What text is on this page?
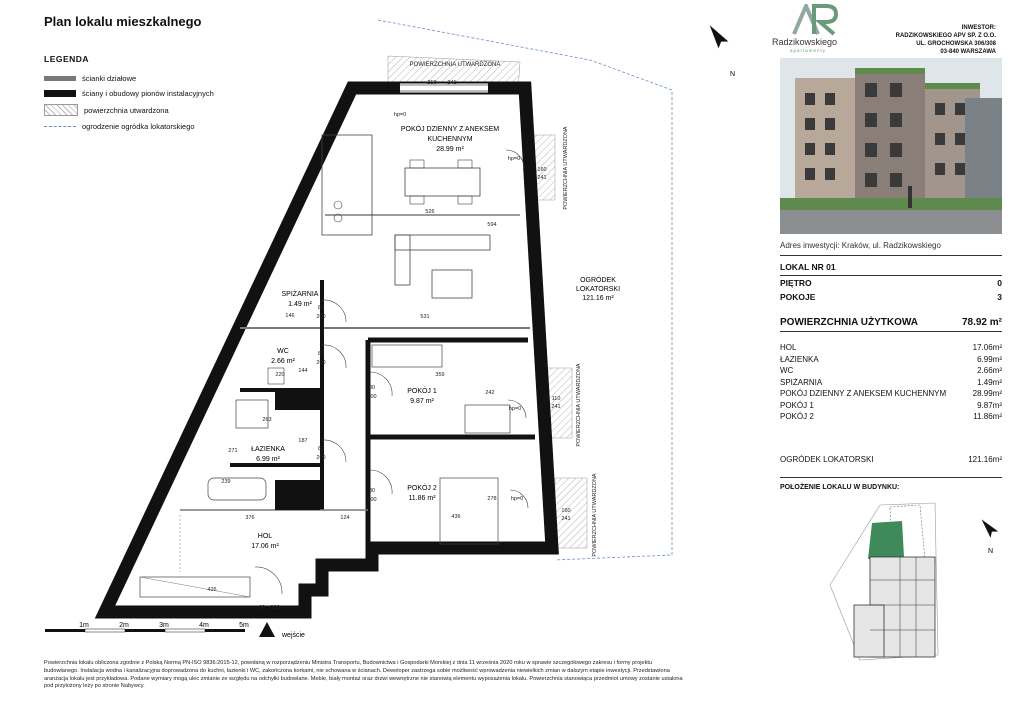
Plan lokalu mieszkalnego
LEGENDA
ścianki działowe
ściany i obudowy pionów instalacyjnych
powierzchnia utwardzona
ogrodzenie ogródka lokatorskiego
wejście
N
1m	2m	3m	4m	5m
POKÓJ DZIENNY Z ANEKSEM
KUCHENNYM
28.99 m²
SPIŻARNIA
1.49 m²
WC
2.66 m²
ŁAZIENKA
6.99 m²
HOL
17.06 m²
POKÓJ 1
9.87 m²
POKÓJ 2
11.86 m²
OGRÓDEK
LOKATORSKI
121.16 m²
POWIERZCHNIA UTWARDZONA
POWIERZCHNIA UTWARDZONA
POWIERZCHNIA UTWARDZONA
POWIERZCHNIA UTWARDZONA
526
531
359
242
263
376	124	436
278
220
146
271
239
426
80
200
80
200
80
200
80
200
80
200
90 200
160
241
160
241
110
241
250 241
594
144
187
hp=0
hp=0
hp=0
hp=0
Powierzchnia lokalu obliczona zgodnie z Polską Normą PN-ISO 9836:2015-12, powołaną w rozporządzeniu Ministra Transportu, Budownictwa i Gospodarki Morskiej z dnia 11 września 2020 roku w sprawie szczegółowego zakresu i formy projektu budowlanego. Instalacja wodna i kanalizacyjna doprowadzona do kuchni, łazienki i WC, zakończona korkami, nie schowana w ścianach. Deweloper zastrzega sobie możliwość wprowadzenia niewielkich zmian w dalszym etapie inwestycji. Przedstawiona aranżacja lokalu jest przykładowa. Podane wymiary mogą ulec zmianie ze względu na odchyłki budowlane. Meble, biały montaż oraz drzwi wewnętrzne nie stanowią elementu wyposażenia lokalu. Powierzchnia stanowiąca przedmiot umowy zostanie ustalona pod przyłożony leży po stronie Nabywcy.
Radzikowskiego
apartamenty
INWESTOR:
RADZIKOWSKIEGO APV SP. Z O.O.
UL. GROCHOWSKA 306/308
03-840 WARSZAWA
Adres inwestycji: Kraków, ul. Radzikowskiego
LOKAL NR 01
PIĘTRO	0
POKOJE	3
POWIERZCHNIA UŻYTKOWA	78.92 m²
HOL	17.06m²
ŁAZIENKA	6.99m²
WC	2.66m²
SPIŻARNIA	1.49m²
POKÓJ DZIENNY Z ANEKSEM KUCHENNYM	28.99m²
POKÓJ 1	9.87m²
POKÓJ 2	11.86m²
OGRÓDEK LOKATORSKI	121.16m²
POŁOŻENIE LOKALU W BUDYNKU:
N
